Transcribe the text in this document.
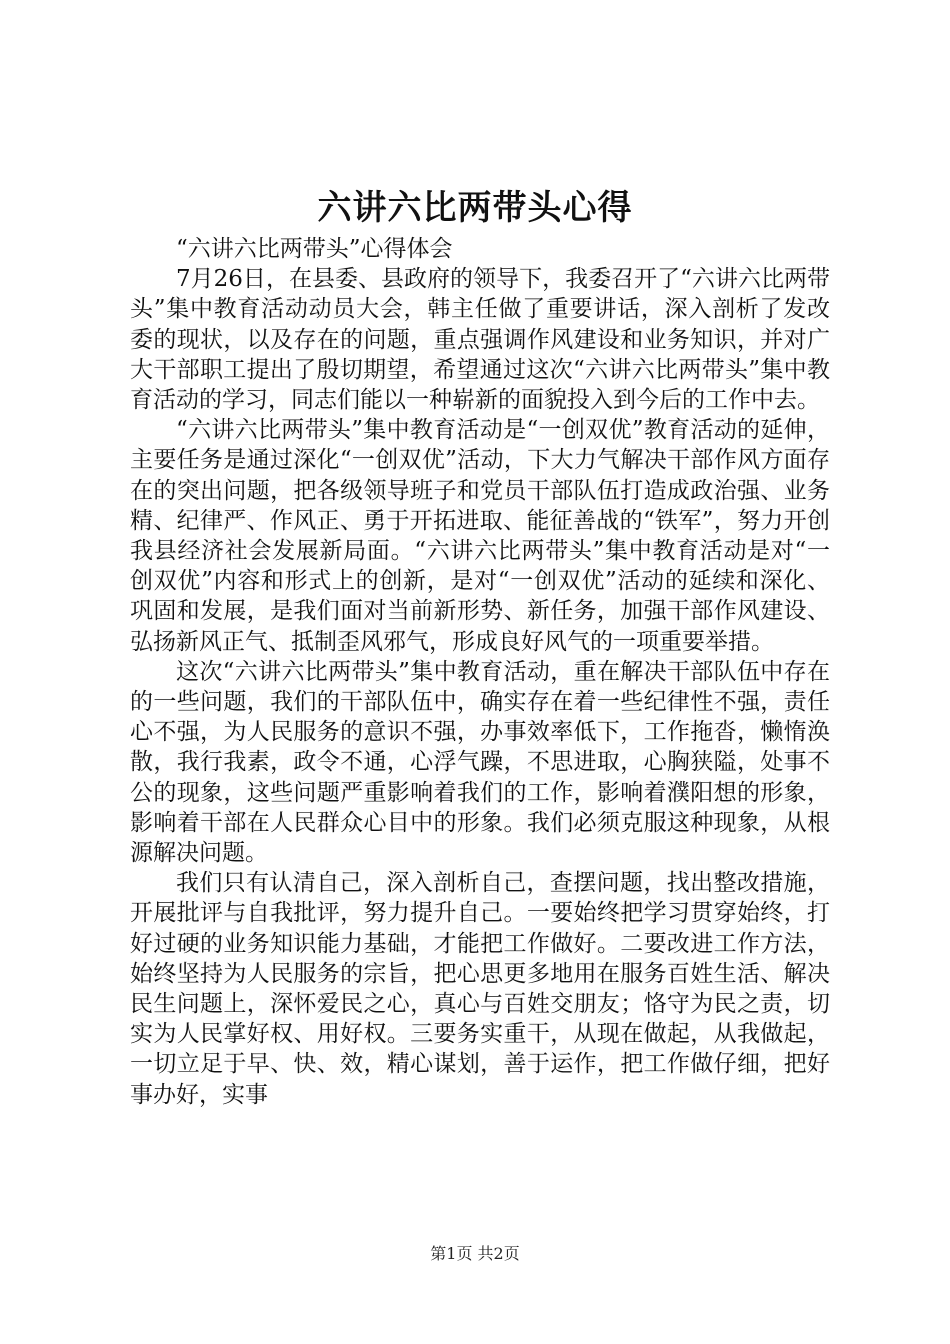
六讲六比两带头心得

“六讲六比两带头”心得体会

7月26日，在县委、县政府的领导下，我委召开了“六讲六比两带头”集中教育活动动员大会，韩主任做了重要讲话，深入剖析了发改委的现状，以及存在的问题，重点强调作风建设和业务知识，并对广大干部职工提出了殷切期望，希望通过这次“六讲六比两带头”集中教育活动的学习，同志们能以一种崭新的面貌投入到今后的工作中去。

“六讲六比两带头”集中教育活动是“一创双优”教育活动的延伸，主要任务是通过深化“一创双优”活动，下大力气解决干部作风方面存在的突出问题，把各级领导班子和党员干部队伍打造成政治强、业务精、纪律严、作风正、勇于开拓进取、能征善战的“铁军”，努力开创我县经济社会发展新局面。“六讲六比两带头”集中教育活动是对“一创双优”内容和形式上的创新，是对“一创双优”活动的延续和深化、巩固和发展，是我们面对当前新形势、新任务，加强干部作风建设、弘扬新风正气、抵制歪风邪气，形成良好风气的一项重要举措。

这次“六讲六比两带头”集中教育活动，重在解决干部队伍中存在的一些问题，我们的干部队伍中，确实存在着一些纪律性不强，责任心不强，为人民服务的意识不强，办事效率低下，工作拖沓，懒惰涣散，我行我素，政令不通，心浮气躁，不思进取，心胸狭隘，处事不公的现象，这些问题严重影响着我们的工作，影响着濮阳想的形象，影响着干部在人民群众心目中的形象。我们必须克服这种现象，从根源解决问题。

我们只有认清自己，深入剖析自己，查摆问题，找出整改措施，开展批评与自我批评，努力提升自己。一要始终把学习贯穿始终，打好过硬的业务知识能力基础，才能把工作做好。二要改进工作方法，始终坚持为人民服务的宗旨，把心思更多地用在服务百姓生活、解决民生问题上，深怀爱民之心，真心与百姓交朋友；恪守为民之责，切实为人民掌好权、用好权。三要务实重干，从现在做起，从我做起，一切立足于早、快、效，精心谋划，善于运作，把工作做仔细，把好事办好，实事

第1页 共2页
